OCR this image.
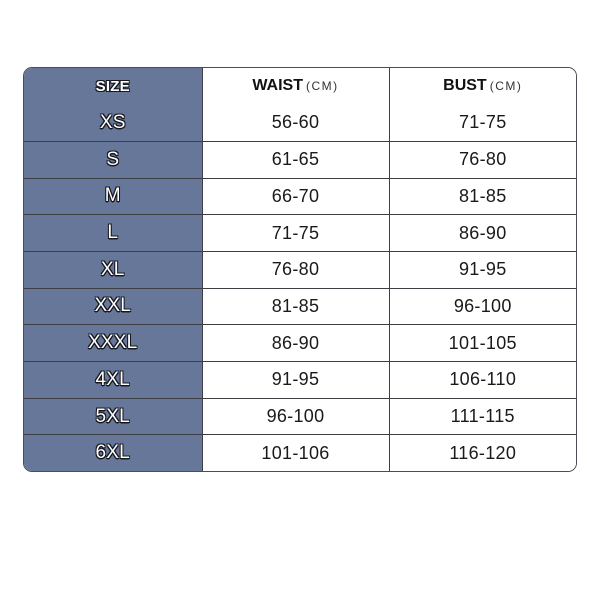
SIZE	WAIST (CM)	BUST (CM)
XS	56-60	71-75
S	61-65	76-80
M	66-70	81-85
L	71-75	86-90
XL	76-80	91-95
XXL	81-85	96-100
XXXL	86-90	101-105
4XL	91-95	106-110
5XL	96-100	111-115
6XL	101-106	116-120
